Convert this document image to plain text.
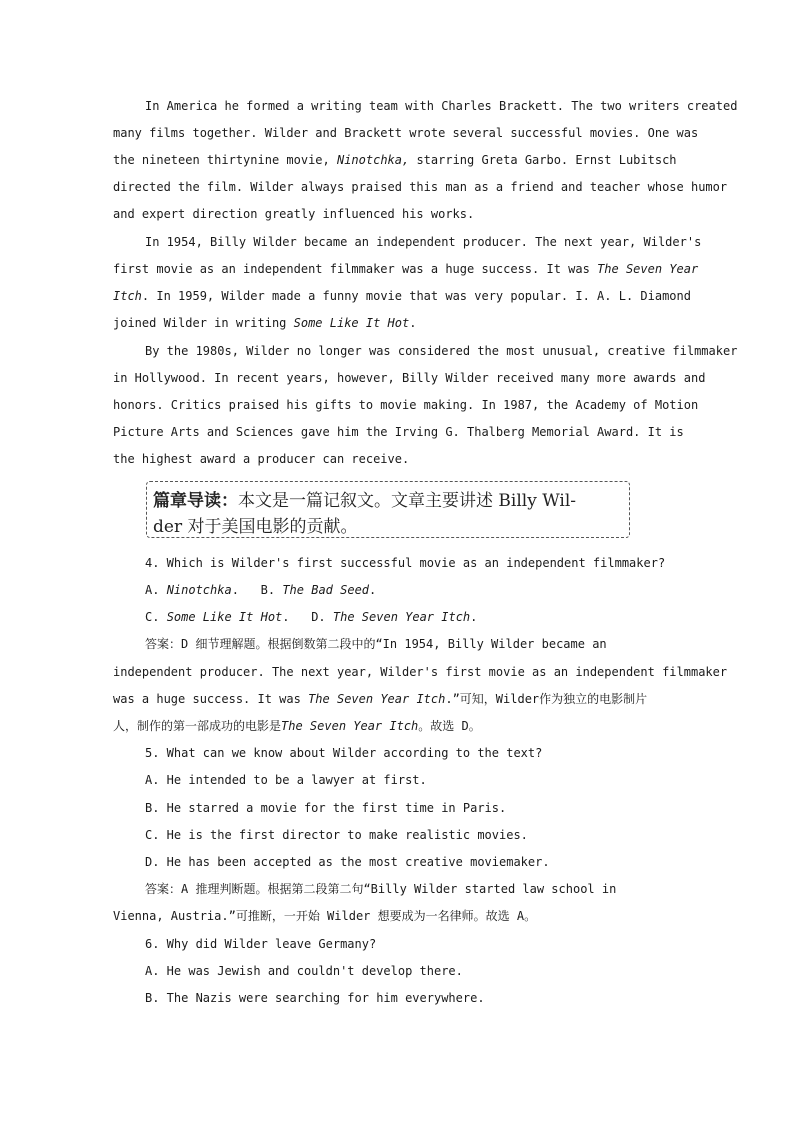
In America he formed a writing team with Charles Brackett. The two writers created
many films together. Wilder and Brackett wrote several successful movies. One was
the nineteen thirtynine movie, Ninotchka, starring Greta Garbo. Ernst Lubitsch
directed the film. Wilder always praised this man as a friend and teacher whose humor
and expert direction greatly influenced his works.
In 1954, Billy Wilder became an independent producer. The next year, Wilder's
first movie as an independent filmmaker was a huge success. It was The Seven Year
Itch. In 1959, Wilder made a funny movie that was very popular. I. A. L. Diamond
joined Wilder in writing Some Like It Hot.
By the 1980s, Wilder no longer was considered the most unusual, creative filmmaker
in Hollywood. In recent years, however, Billy Wilder received many more awards and
honors. Critics praised his gifts to movie making. In 1987, the Academy of Motion
Picture Arts and Sciences gave him the Irving G. Thalberg Memorial Award. It is
the highest award a producer can receive.
篇章导读：本文是一篇记叙文。文章主要讲述 Billy Wil-
der 对于美国电影的贡献。
4. Which is Wilder's first successful movie as an independent filmmaker?
A. Ninotchka. B. The Bad Seed.
C. Some Like It Hot. D. The Seven Year Itch.
答案：D 细节理解题。根据倒数第二段中的“In 1954, Billy Wilder became an
independent producer. The next year, Wilder's first movie as an independent filmmaker
was a huge success. It was The Seven Year Itch.”可知，Wilder作为独立的电影制片
人，制作的第一部成功的电影是The Seven Year Itch。故选 D。
5. What can we know about Wilder according to the text?
A. He intended to be a lawyer at first.
B. He starred a movie for the first time in Paris.
C. He is the first director to make realistic movies.
D. He has been accepted as the most creative moviemaker.
答案：A 推理判断题。根据第二段第二句“Billy Wilder started law school in
Vienna, Austria.”可推断，一开始 Wilder 想要成为一名律师。故选 A。
6. Why did Wilder leave Germany?
A. He was Jewish and couldn't develop there.
B. The Nazis were searching for him everywhere.
